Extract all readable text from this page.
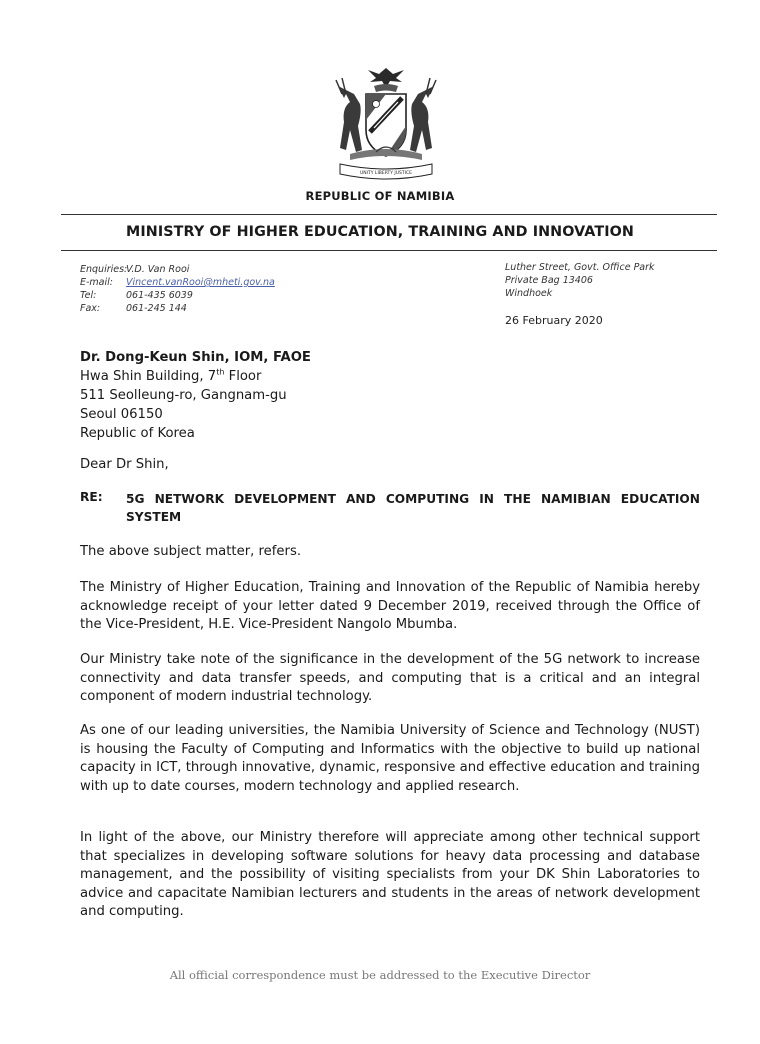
UNITY LIBERTY JUSTICE
REPUBLIC OF NAMIBIA
MINISTRY OF HIGHER EDUCATION, TRAINING AND INNOVATION
Enquiries:
V.D. Van Rooi
E-mail:	Vincent.vanRooi@mheti.gov.na
Tel:	061-435 6039
Fax:	061-245 144
Luther Street, Govt. Office Park
Private Bag 13406
Windhoek
26 February 2020
Dr. Dong-Keun Shin, IOM, FAOE
Hwa Shin Building, 7th Floor
511 Seolleung-ro, Gangnam-gu
Seoul 06150
Republic of Korea
Dear Dr Shin,
RE: 5G NETWORK DEVELOPMENT AND COMPUTING IN THE NAMIBIAN EDUCATION SYSTEM
The above subject matter, refers.
The Ministry of Higher Education, Training and Innovation of the Republic of Namibia hereby acknowledge receipt of your letter dated 9 December 2019, received through the Office of the Vice-President, H.E. Vice-President Nangolo Mbumba.
Our Ministry take note of the significance in the development of the 5G network to increase connectivity and data transfer speeds, and computing that is a critical and an integral component of modern industrial technology.
As one of our leading universities, the Namibia University of Science and Technology (NUST) is housing the Faculty of Computing and Informatics with the objective to build up national capacity in ICT, through innovative, dynamic, responsive and effective education and training with up to date courses, modern technology and applied research.
In light of the above, our Ministry therefore will appreciate among other technical support that specializes in developing software solutions for heavy data processing and database management, and the possibility of visiting specialists from your DK Shin Laboratories to advice and capacitate Namibian lecturers and students in the areas of network development and computing.
All official correspondence must be addressed to the Executive Director
